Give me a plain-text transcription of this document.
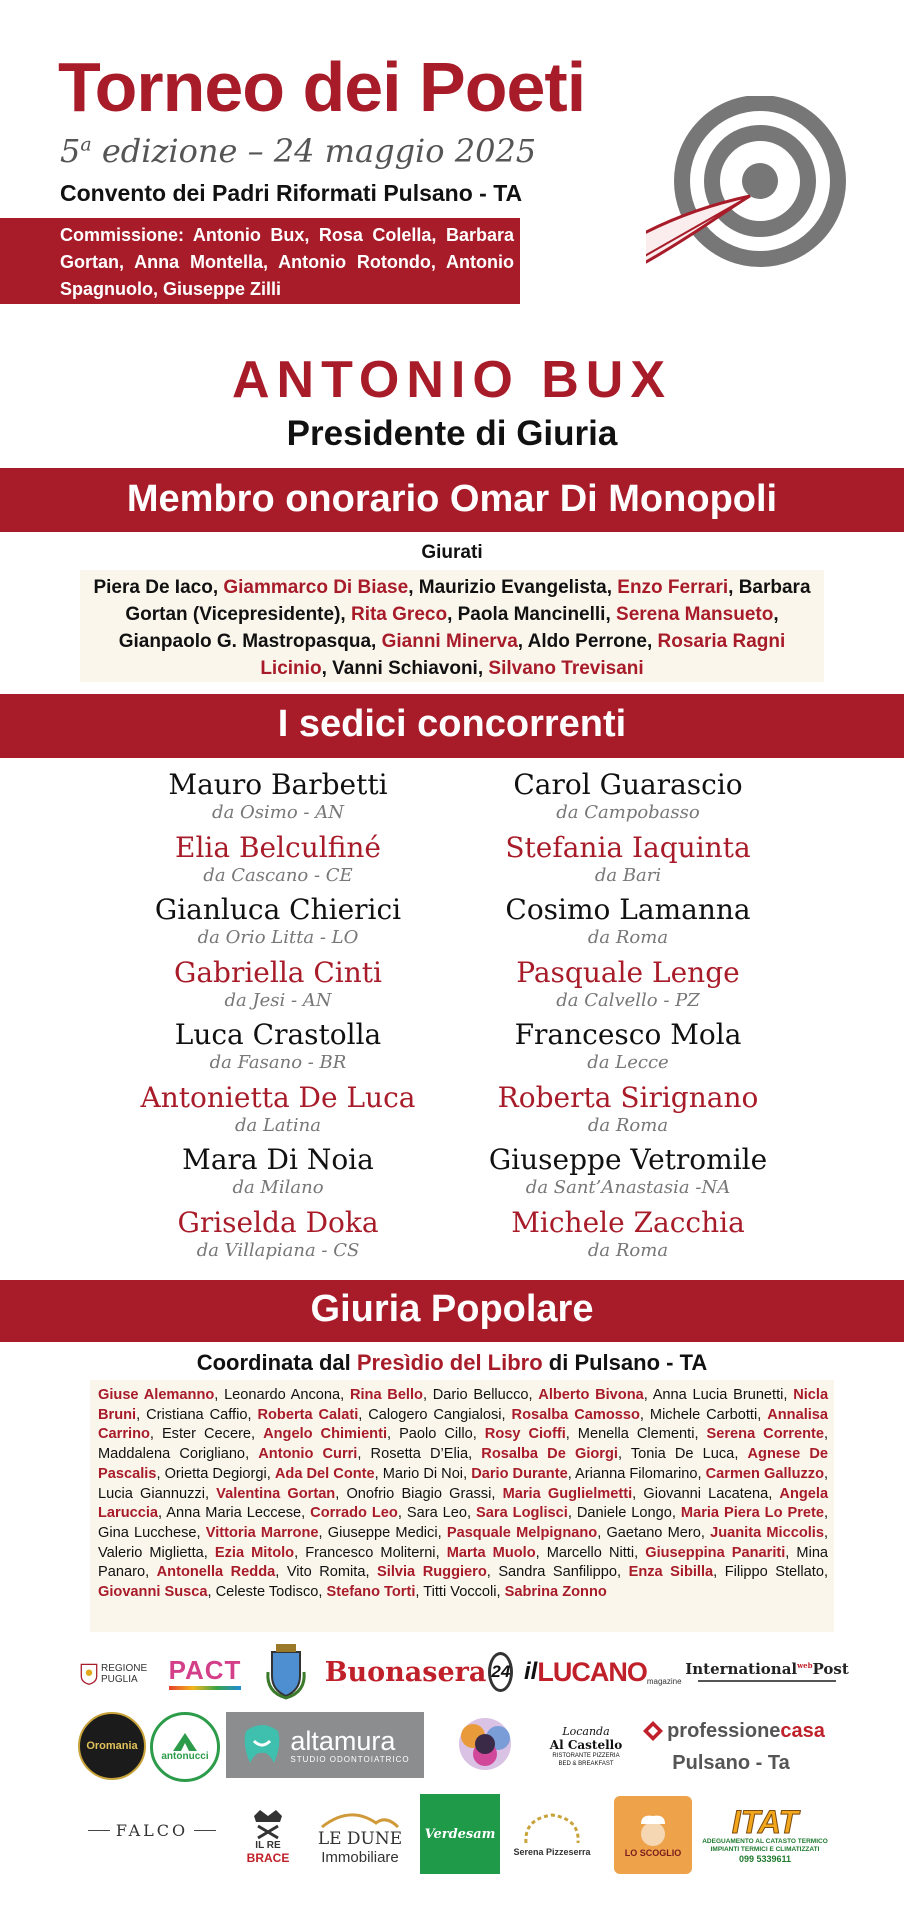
Torneo dei Poeti
5$^a$ edizione – 24 maggio 2025
Convento dei Padri Riformati Pulsano - TA
Commissione: Antonio Bux, Rosa Colella, Barbara Gortan, Anna Montella, Antonio Rotondo, Antonio Spagnuolo, Giuseppe Zilli
ANTONIO BUX
Presidente di Giuria
Membro onorario Omar Di Monopoli
Giurati
Piera De Iaco, Giammarco Di Biase, Maurizio Evangelista, Enzo Ferrari, Barbara Gortan (Vicepresidente), Rita Greco, Paola Mancinelli, Serena Mansueto, Gianpaolo G. Mastropasqua, Gianni Minerva, Aldo Perrone, Rosaria Ragni Licinio, Vanni Schiavoni, Silvano Trevisani
I sedici concorrenti
Mauro Barbetti
da Osimo - AN
Elia Belculfiné
da Cascano - CE
Gianluca Chierici
da Orio Litta - LO
Gabriella Cinti
da Jesi - AN
Luca Crastolla
da Fasano - BR
Antonietta De Luca
da Latina
Mara Di Noia
da Milano
Griselda Doka
da Villapiana - CS
Carol Guarascio
da Campobasso
Stefania Iaquinta
da Bari
Cosimo Lamanna
da Roma
Pasquale Lenge
da Calvello - PZ
Francesco Mola
da Lecce
Roberta Sirignano
da Roma
Giuseppe Vetromile
da Sant’Anastasia -NA
Michele Zacchia
da Roma
Giuria Popolare
Coordinata dal Presìdio del Libro di Pulsano - TA
Giuse Alemanno, Leonardo Ancona, Rina Bello, Dario Bellucco, Alberto Bivona, Anna Lucia Brunetti, Nicla Bruni, Cristiana Caffio, Roberta Calati, Calogero Cangialosi, Rosalba Camosso, Michele Carbotti, Annalisa Carrino, Ester Cecere, Angelo Chimienti, Paolo Cillo, Rosy Cioffi, Menella Clementi, Serena Corrente, Maddalena Corigliano, Antonio Curri, Rosetta D’Elia, Rosalba De Giorgi, Tonia De Luca, Agnese De Pascalis, Orietta Degiorgi, Ada Del Conte, Mario Di Noi, Dario Durante, Arianna Filomarino, Carmen Galluzzo, Lucia Giannuzzi, Valentina Gortan, Onofrio Biagio Grassi, Maria Guglielmetti, Giovanni Lacatena, Angela Laruccia, Anna Maria Leccese, Corrado Leo, Sara Leo, Sara Loglisci, Daniele Longo, Maria Piera Lo Prete, Gina Lucchese, Vittoria Marrone, Giuseppe Medici, Pasquale Melpignano, Gaetano Mero, Juanita Miccolis, Valerio Miglietta, Ezia Mitolo, Francesco Moliterni, Marta Muolo, Marcello Nitti, Giuseppina Panariti, Mina Panaro, Antonella Redda, Vito Romita, Silvia Ruggiero, Sandra Sanfilippo, Enza Sibilla, Filippo Stellato, Giovanni Susca, Celeste Todisco, Stefano Torti, Titti Voccoli, Sabrina Zonno
REGIONE PUGLIA	PACT	Buonasera 24 il LUCANO magazine
International$^{web}$Post
Oromania
antonucci
altamura
STUDIO ODONTOIATRICO
Locanda
Al Castello
RISTORANTE PIZZERIA BED & BREAKFAST
professione casa
Pulsano - Ta
FALCO
IL RE
BRACE
LE DUNE
Immobiliare
Verdesam
Serena Pizzeserra	LO SCOGLIO
ITAT
ADEGUAMENTO AL CATASTO TERMICO IMPIANTI TERMICI E CLIMATIZZATI
099 5339611
